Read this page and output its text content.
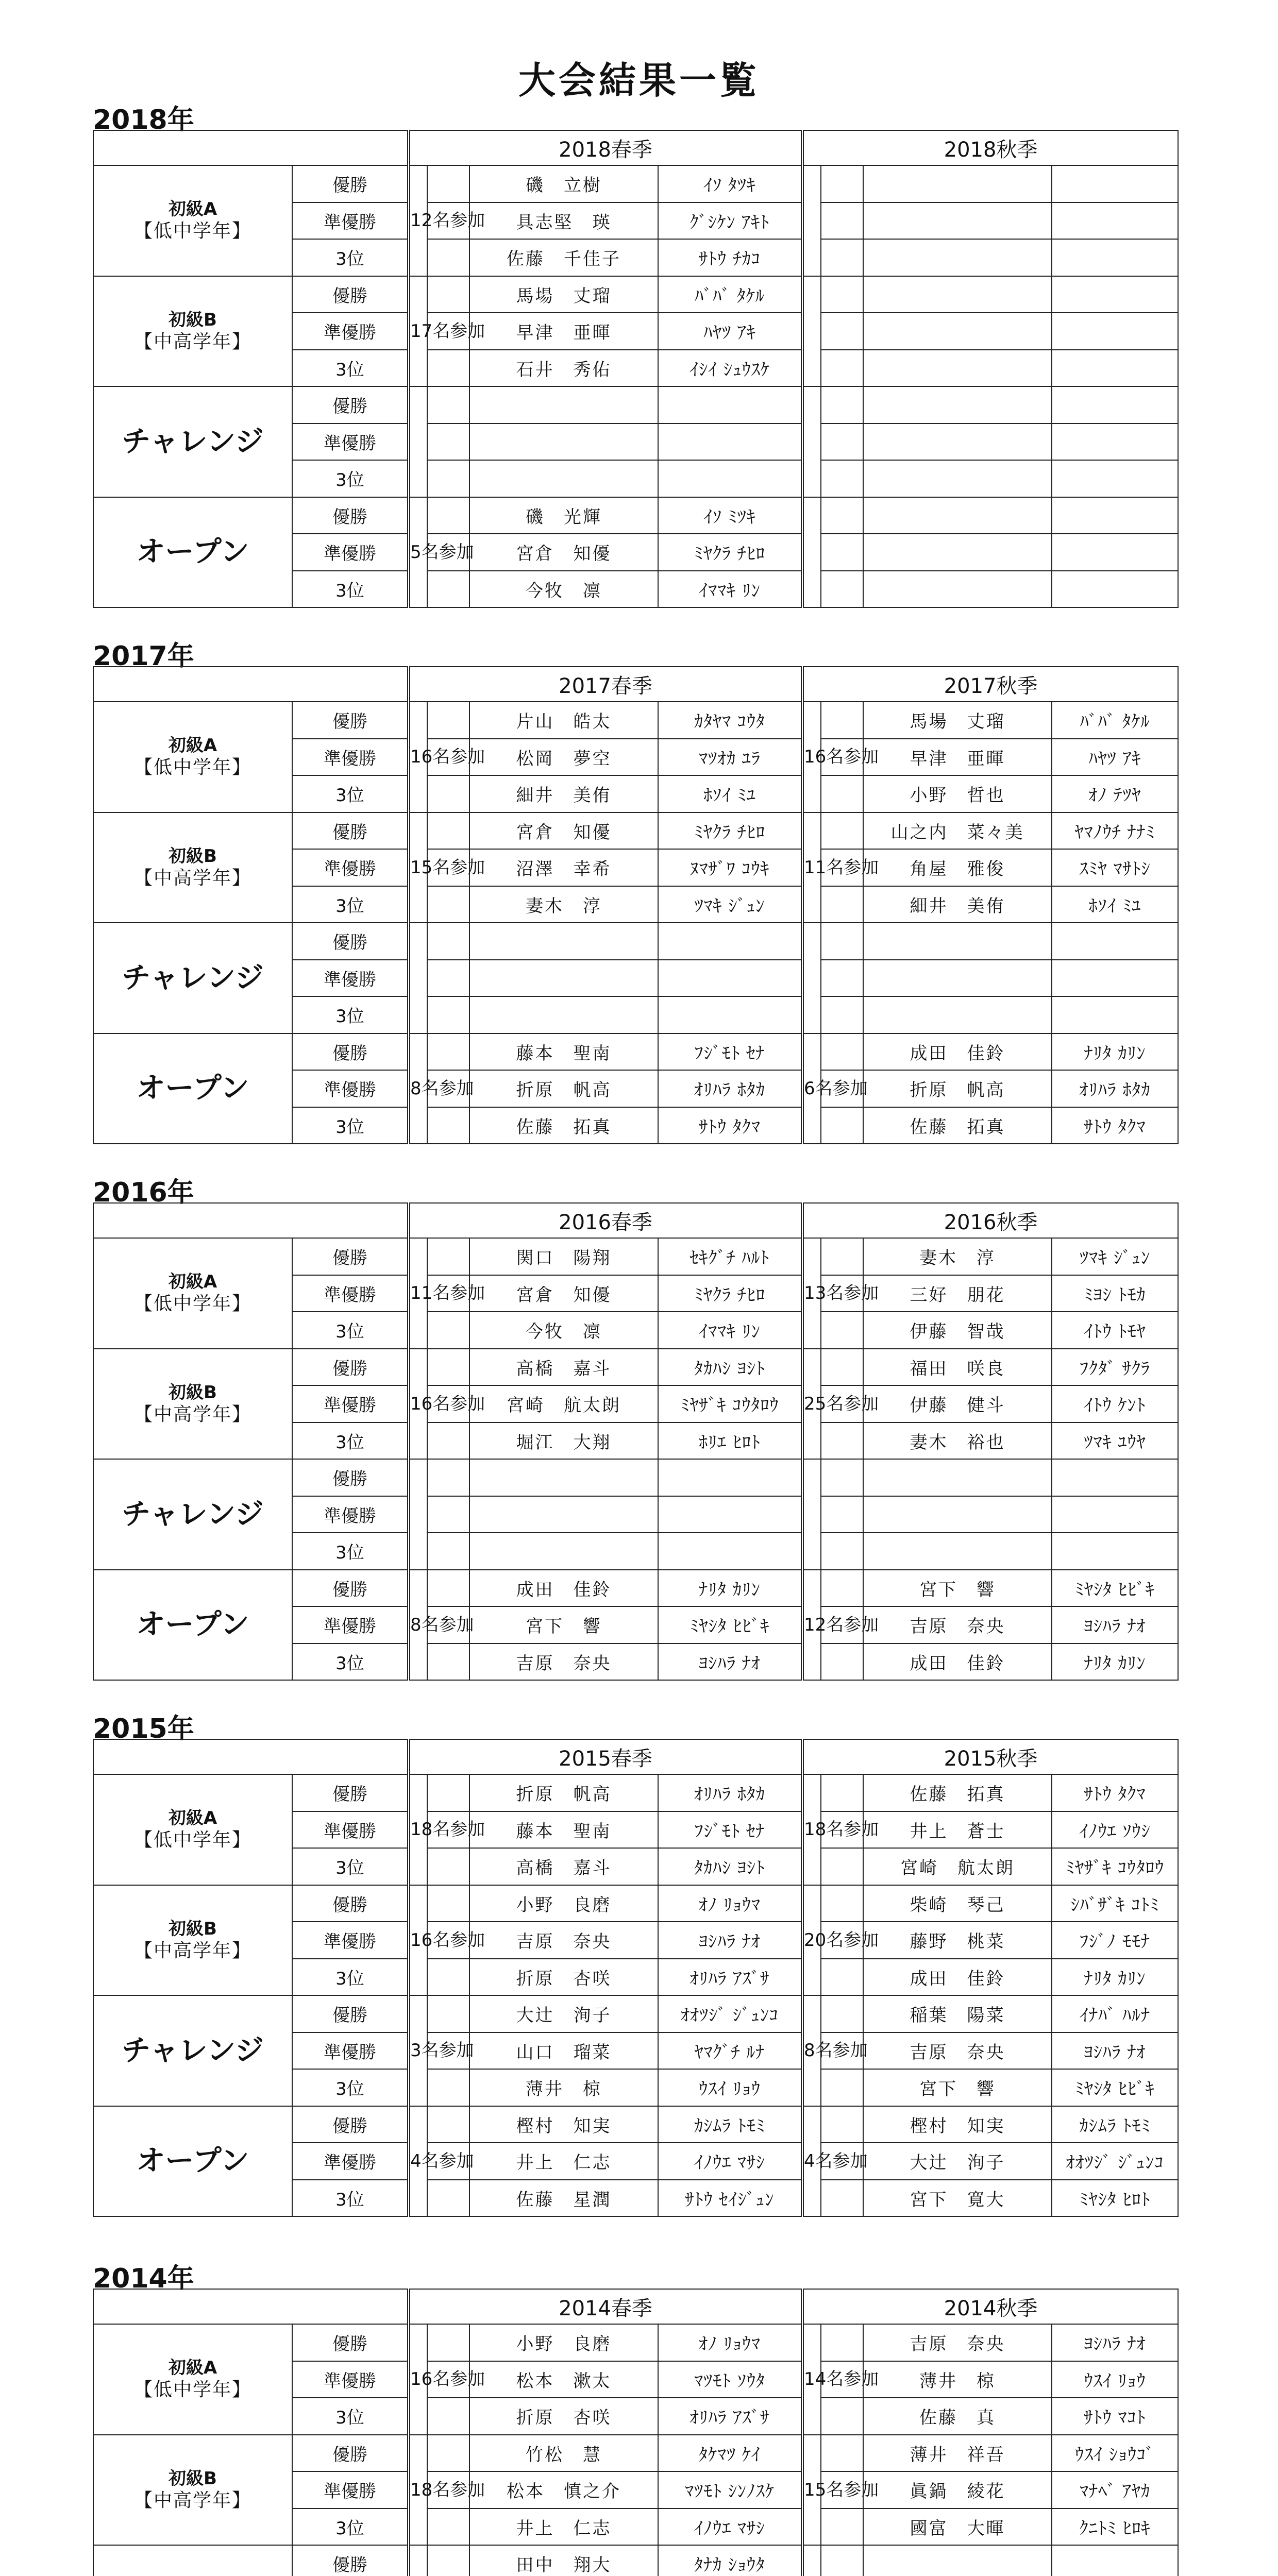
大会結果一覧
2018年
		2018春季				2018秋季			
初級A
【低中学年】	優勝	12名参加		磯　立樹	ｲｿ ﾀﾂｷ				
	準優勝			具志堅　瑛	ｸﾞｼｹﾝ ｱｷﾄ				
	3位			佐藤　千佳子	ｻﾄｳ ﾁｶｺ				
初級B
【中高学年】	優勝	17名参加		馬場　丈瑠	ﾊﾞﾊﾞ ﾀｹﾙ				
	準優勝			早津　亜暉	ﾊﾔﾂ ｱｷ				
	3位			石井　秀佑	ｲｼｲ ｼｭｳｽｹ				
チャレンジ	優勝								
	準優勝								
	3位								
オープン	優勝	5名参加		磯　光輝	ｲｿ ﾐﾂｷ				
	準優勝			宮倉　知優	ﾐﾔｸﾗ ﾁﾋﾛ				
	3位			今牧　凛	ｲﾏﾏｷ ﾘﾝ				
2017年
		2017春季				2017秋季			
初級A
【低中学年】	優勝	16名参加		片山　皓太	ｶﾀﾔﾏ ｺｳﾀ	16名参加		馬場　丈瑠	ﾊﾞﾊﾞ ﾀｹﾙ
	準優勝			松岡　夢空	ﾏﾂｵｶ ﾕﾗ			早津　亜暉	ﾊﾔﾂ ｱｷ
	3位			細井　美侑	ﾎｿｲ ﾐﾕ			小野　哲也	ｵﾉ ﾃﾂﾔ
初級B
【中高学年】	優勝	15名参加		宮倉　知優	ﾐﾔｸﾗ ﾁﾋﾛ	11名参加		山之内　菜々美	ﾔﾏﾉｳﾁ ﾅﾅﾐ
	準優勝			沼澤　幸希	ﾇﾏｻﾞﾜ ｺｳｷ			角屋　雅俊	ｽﾐﾔ ﾏｻﾄｼ
	3位			妻木　淳	ﾂﾏｷ ｼﾞｭﾝ			細井　美侑	ﾎｿｲ ﾐﾕ
チャレンジ	優勝								
	準優勝								
	3位								
オープン	優勝	8名参加		藤本　聖南	ﾌｼﾞﾓﾄ ｾﾅ	6名参加		成田　佳鈴	ﾅﾘﾀ ｶﾘﾝ
	準優勝			折原　帆高	ｵﾘﾊﾗ ﾎﾀｶ			折原　帆高	ｵﾘﾊﾗ ﾎﾀｶ
	3位			佐藤　拓真	ｻﾄｳ ﾀｸﾏ			佐藤　拓真	ｻﾄｳ ﾀｸﾏ
2016年
		2016春季				2016秋季			
初級A
【低中学年】	優勝	11名参加		関口　陽翔	ｾｷｸﾞﾁ ﾊﾙﾄ	13名参加		妻木　淳	ﾂﾏｷ ｼﾞｭﾝ
	準優勝			宮倉　知優	ﾐﾔｸﾗ ﾁﾋﾛ			三好　朋花	ﾐﾖｼ ﾄﾓｶ
	3位			今牧　凛	ｲﾏﾏｷ ﾘﾝ			伊藤　智哉	ｲﾄｳ ﾄﾓﾔ
初級B
【中高学年】	優勝	16名参加		高橋　嘉斗	ﾀｶﾊｼ ﾖｼﾄ	25名参加		福田　咲良	ﾌｸﾀﾞ ｻｸﾗ
	準優勝			宮崎　航太朗	ﾐﾔｻﾞｷ ｺｳﾀﾛｳ			伊藤　健斗	ｲﾄｳ ｹﾝﾄ
	3位			堀江　大翔	ﾎﾘｴ ﾋﾛﾄ			妻木　裕也	ﾂﾏｷ ﾕｳﾔ
チャレンジ	優勝								
	準優勝								
	3位								
オープン	優勝	8名参加		成田　佳鈴	ﾅﾘﾀ ｶﾘﾝ	12名参加		宮下　響	ﾐﾔｼﾀ ﾋﾋﾞｷ
	準優勝			宮下　響	ﾐﾔｼﾀ ﾋﾋﾞｷ			吉原　奈央	ﾖｼﾊﾗ ﾅｵ
	3位			吉原　奈央	ﾖｼﾊﾗ ﾅｵ			成田　佳鈴	ﾅﾘﾀ ｶﾘﾝ
2015年
		2015春季				2015秋季			
初級A
【低中学年】	優勝	18名参加		折原　帆高	ｵﾘﾊﾗ ﾎﾀｶ	18名参加		佐藤　拓真	ｻﾄｳ ﾀｸﾏ
	準優勝			藤本　聖南	ﾌｼﾞﾓﾄ ｾﾅ			井上　蒼士	ｲﾉｳｴ ｿｳｼ
	3位			高橋　嘉斗	ﾀｶﾊｼ ﾖｼﾄ			宮崎　航太朗	ﾐﾔｻﾞｷ ｺｳﾀﾛｳ
初級B
【中高学年】	優勝	16名参加		小野　良磨	ｵﾉ ﾘｮｳﾏ	20名参加		柴崎　琴己	ｼﾊﾞｻﾞｷ ｺﾄﾐ
	準優勝			吉原　奈央	ﾖｼﾊﾗ ﾅｵ			藤野　桃菜	ﾌｼﾞﾉ ﾓﾓﾅ
	3位			折原　杏咲	ｵﾘﾊﾗ ｱｽﾞｻ			成田　佳鈴	ﾅﾘﾀ ｶﾘﾝ
チャレンジ	優勝	3名参加		大辻　洵子	ｵｵﾂｼﾞ ｼﾞｭﾝｺ	8名参加		稲葉　陽菜	ｲﾅﾊﾞ ﾊﾙﾅ
	準優勝			山口　瑠菜	ﾔﾏｸﾞﾁ ﾙﾅ			吉原　奈央	ﾖｼﾊﾗ ﾅｵ
	3位			薄井　椋	ｳｽｲ ﾘｮｳ			宮下　響	ﾐﾔｼﾀ ﾋﾋﾞｷ
オープン	優勝	4名参加		樫村　知実	ｶｼﾑﾗ ﾄﾓﾐ	4名参加		樫村　知実	ｶｼﾑﾗ ﾄﾓﾐ
	準優勝			井上　仁志	ｲﾉｳｴ ﾏｻｼ			大辻　洵子	ｵｵﾂｼﾞ ｼﾞｭﾝｺ
	3位			佐藤　星潤	ｻﾄｳ ｾｲｼﾞｭﾝ			宮下　寛大	ﾐﾔｼﾀ ﾋﾛﾄ
2014年
		2014春季				2014秋季			
初級A
【低中学年】	優勝	16名参加		小野　良磨	ｵﾉ ﾘｮｳﾏ	14名参加		吉原　奈央	ﾖｼﾊﾗ ﾅｵ
	準優勝			松本　漱太	ﾏﾂﾓﾄ ｿｳﾀ			薄井　椋	ｳｽｲ ﾘｮｳ
	3位			折原　杏咲	ｵﾘﾊﾗ ｱｽﾞｻ			佐藤　真	ｻﾄｳ ﾏｺﾄ
初級B
【中高学年】	優勝	18名参加		竹松　慧	ﾀｹﾏﾂ ｹｲ	15名参加		薄井　祥吾	ｳｽｲ ｼｮｳｺﾞ
	準優勝			松本　慎之介	ﾏﾂﾓﾄ ｼﾝﾉｽｹ			眞鍋　綾花	ﾏﾅﾍﾞ ｱﾔｶ
	3位			井上　仁志	ｲﾉｳｴ ﾏｻｼ			國富　大暉	ｸﾆﾄﾐ ﾋﾛｷ
	優勝			田中　翔大	ﾀﾅｶ ｼｮｳﾀ				
